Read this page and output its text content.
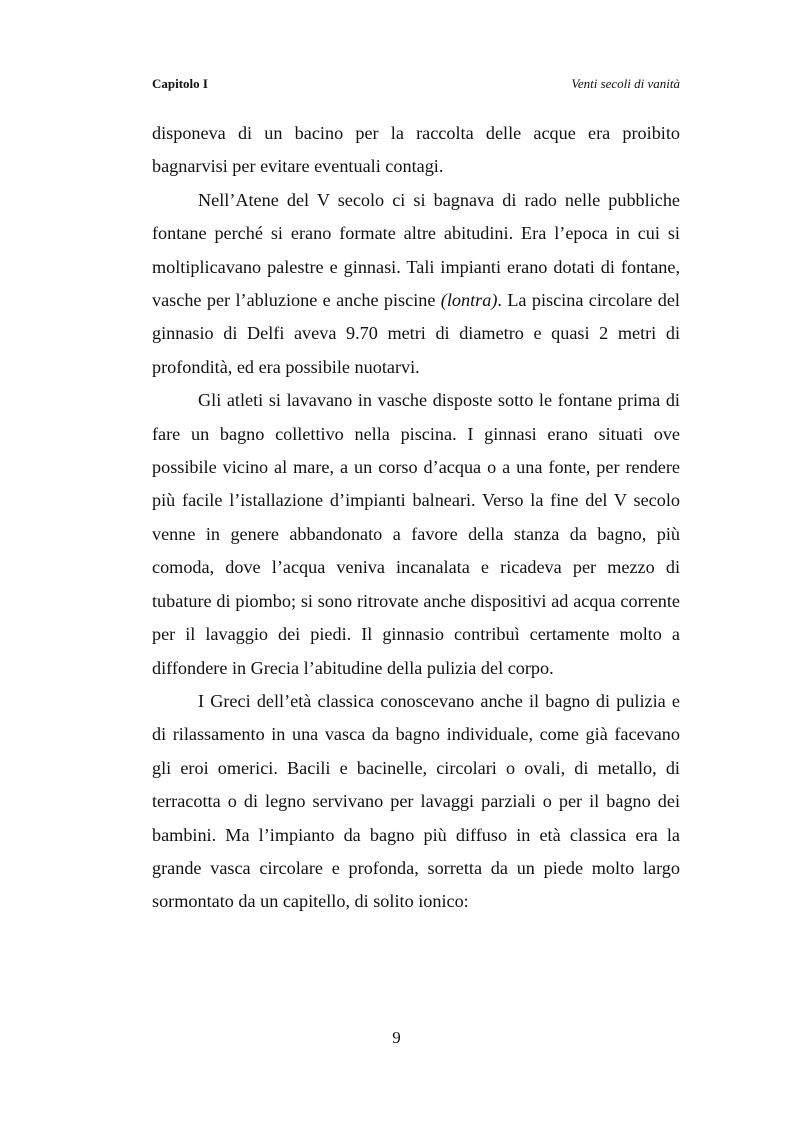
Capitolo I	Venti secoli di vanità

disponeva di un bacino per la raccolta delle acque era proibito bagnarvisi per evitare eventuali contagi.

Nell’Atene del V secolo ci si bagnava di rado nelle pubbliche fontane perché si erano formate altre abitudini. Era l’epoca in cui si moltiplicavano palestre e ginnasi. Tali impianti erano dotati di fontane, vasche per l’abluzione e anche piscine (lontra). La piscina circolare del ginnasio di Delfi aveva 9.70 metri di diametro e quasi 2 metri di profondità, ed era possibile nuotarvi.

Gli atleti si lavavano in vasche disposte sotto le fontane prima di fare un bagno collettivo nella piscina. I ginnasi erano situati ove possibile vicino al mare, a un corso d’acqua o a una fonte, per rendere più facile l’istallazione d’impianti balneari. Verso la fine del V secolo venne in genere abbandonato a favore della stanza da bagno, più comoda, dove l’acqua veniva incanalata e ricadeva per mezzo di tubature di piombo; si sono ritrovate anche dispositivi ad acqua corrente per il lavaggio dei piedi. Il ginnasio contribuì certamente molto a diffondere in Grecia l’abitudine della pulizia del corpo.

I Greci dell’età classica conoscevano anche il bagno di pulizia e di rilassamento in una vasca da bagno individuale, come già facevano gli eroi omerici. Bacili e bacinelle, circolari o ovali, di metallo, di terracotta o di legno servivano per lavaggi parziali o per il bagno dei bambini. Ma l’impianto da bagno più diffuso in età classica era la grande vasca circolare e profonda, sorretta da un piede molto largo sormontato da un capitello, di solito ionico:

9
